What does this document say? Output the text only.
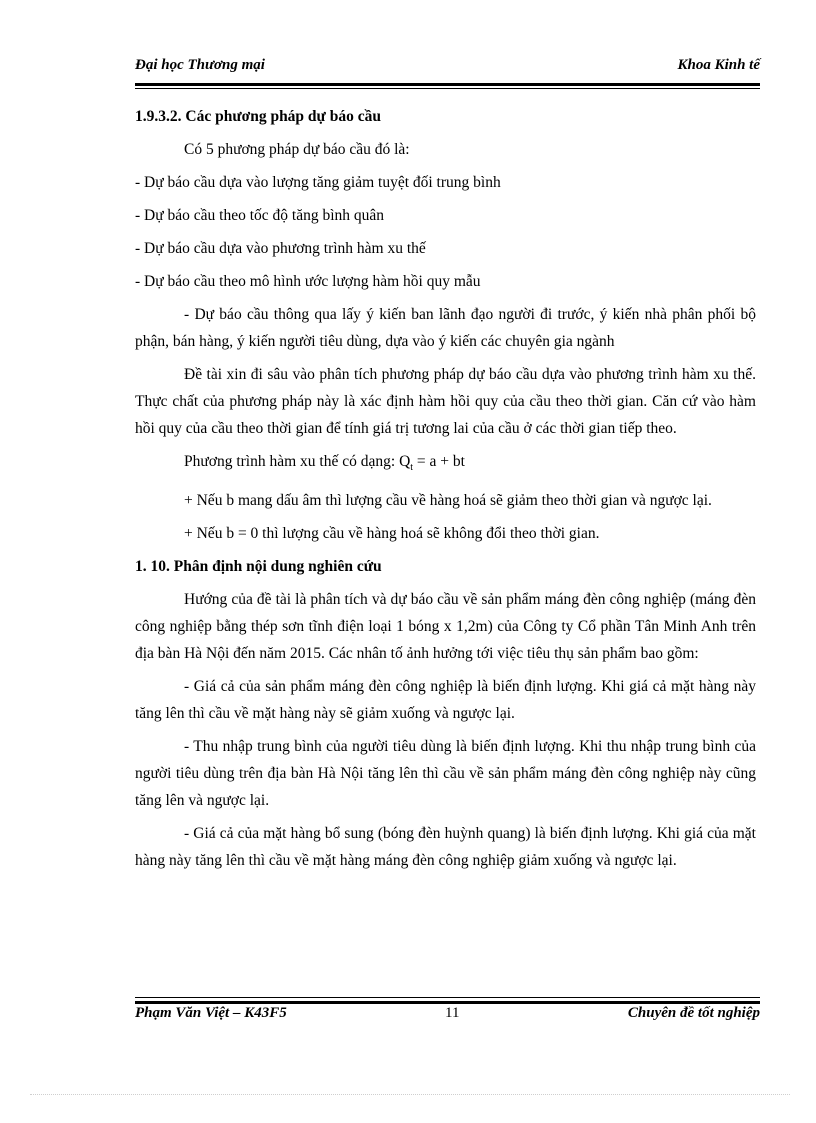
Đại học Thương mại	Khoa Kinh tế

1.9.3.2. Các phương pháp dự báo cầu

Có 5 phương pháp dự báo cầu đó là:

- Dự báo cầu dựa vào lượng tăng giảm tuyệt đối trung bình

- Dự báo cầu theo tốc độ tăng bình quân

- Dự báo cầu dựa vào phương trình hàm xu thế

- Dự báo cầu theo mô hình ước lượng hàm hồi quy mẫu

- Dự báo cầu thông qua lấy ý kiến ban lãnh đạo người đi trước, ý kiến nhà phân phối bộ phận, bán hàng, ý kiến người tiêu dùng, dựa vào ý kiến các chuyên gia ngành

Đề tài xin đi sâu vào phân tích phương pháp dự báo cầu dựa vào phương trình hàm xu thế. Thực chất của phương pháp này là xác định hàm hồi quy của cầu theo thời gian. Căn cứ vào hàm hồi quy của cầu theo thời gian để tính giá trị tương lai của cầu ở các thời gian tiếp theo.

Phương trình hàm xu thế có dạng: $Q_t = a$ + bt

+ Nếu b mang dấu âm thì lượng cầu về hàng hoá sẽ giảm theo thời gian và ngược lại.

+ Nếu b = 0 thì lượng cầu về hàng hoá sẽ không đổi theo thời gian.

1. 10. Phân định nội dung nghiên cứu

Hướng của đề tài là phân tích và dự báo cầu về sản phẩm máng đèn công nghiệp (máng đèn công nghiệp bằng thép sơn tĩnh điện loại 1 bóng x 1,2m) của Công ty Cổ phần Tân Minh Anh trên địa bàn Hà Nội đến năm 2015. Các nhân tố ảnh hưởng tới việc tiêu thụ sản phẩm bao gồm:

- Giá cả của sản phẩm máng đèn công nghiệp là biến định lượng. Khi giá cả mặt hàng này tăng lên thì cầu về mặt hàng này sẽ giảm xuống và ngược lại.

- Thu nhập trung bình của người tiêu dùng là biến định lượng. Khi thu nhập trung bình của người tiêu dùng trên địa bàn Hà Nội tăng lên thì cầu về sản phẩm máng đèn công nghiệp này cũng tăng lên và ngược lại.

- Giá cả của mặt hàng bổ sung (bóng đèn huỳnh quang) là biến định lượng. Khi giá của mặt hàng này tăng lên thì cầu về mặt hàng máng đèn công nghiệp giảm xuống và ngược lại.

Phạm Văn Việt – K43F5	11	Chuyên đề tốt nghiệp
